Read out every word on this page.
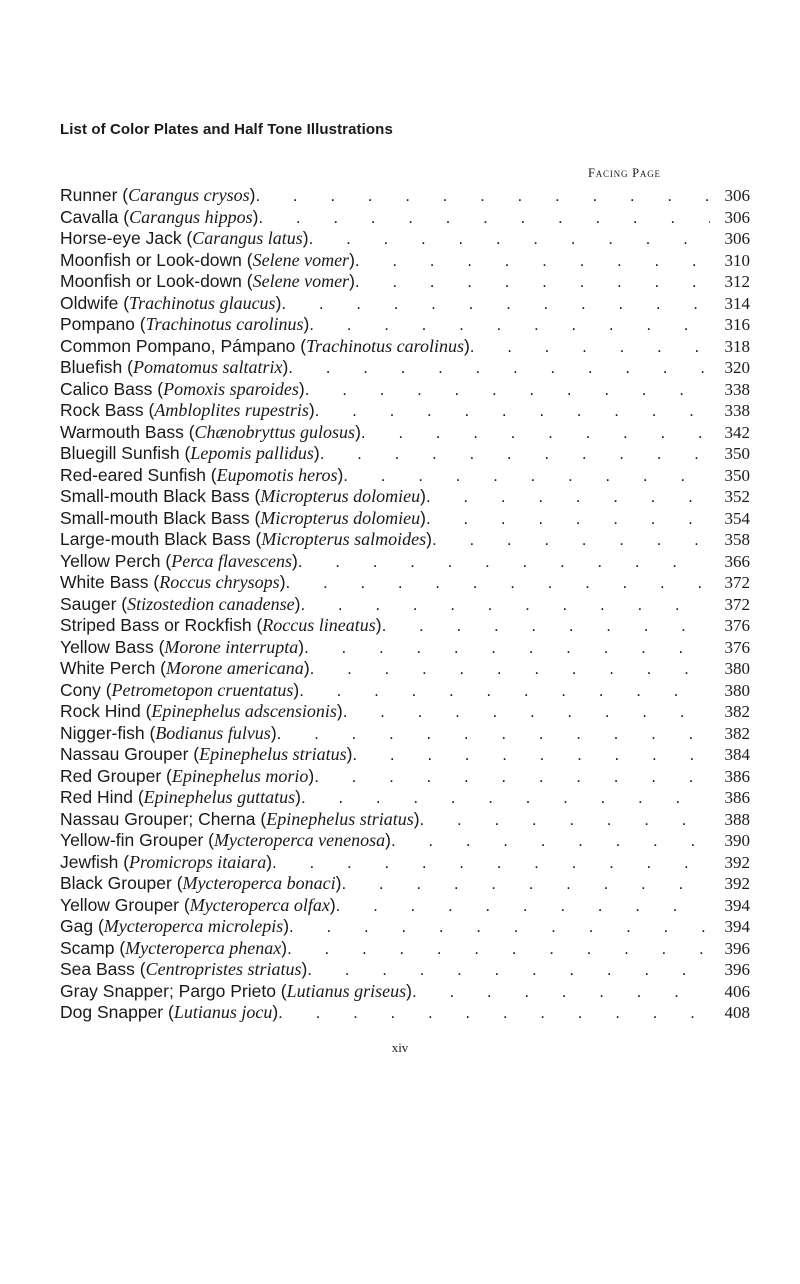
List of Color Plates and Half Tone Illustrations
Facing Page
Runner (Carangus crysos) . . .	306
Cavalla (Carangus hippos) . . .	306
Horse-eye Jack (Carangus latus) . . .	306
Moonfish or Look-down (Selene vomer) . . .	310
Moonfish or Look-down (Selene vomer) . . .	312
Oldwife (Trachinotus glaucus) . . .	314
Pompano (Trachinotus carolinus) . . .	316
Common Pompano, Pámpano (Trachinotus carolinus) . . .	318
Bluefish (Pomatomus saltatrix) . . .	320
Calico Bass (Pomoxis sparoides) . . .	338
Rock Bass (Ambloplites rupestris) . . .	338
Warmouth Bass (Chænobryttus gulosus) . . .	342
Bluegill Sunfish (Lepomis pallidus) . . .	350
Red-eared Sunfish (Eupomotis heros) . . .	350
Small-mouth Black Bass (Micropterus dolomieu) . . .	352
Small-mouth Black Bass (Micropterus dolomieu) . . .	354
Large-mouth Black Bass (Micropterus salmoides) . . .	358
Yellow Perch (Perca flavescens) . . .	366
White Bass (Roccus chrysops) . . .	372
Sauger (Stizostedion canadense) . . .	372
Striped Bass or Rockfish (Roccus lineatus) . . .	376
Yellow Bass (Morone interrupta) . . .	376
White Perch (Morone americana) . . .	380
Cony (Petrometopon cruentatus) . . .	380
Rock Hind (Epinephelus adscensionis) . . .	382
Nigger-fish (Bodianus fulvus) . . .	382
Nassau Grouper (Epinephelus striatus) . . .	384
Red Grouper (Epinephelus morio) . . .	386
Red Hind (Epinephelus guttatus) . . .	386
Nassau Grouper; Cherna (Epinephelus striatus) . . .	388
Yellow-fin Grouper (Mycteroperca venenosa) . . .	390
Jewfish (Promicrops itaiara) . . .	392
Black Grouper (Mycteroperca bonaci) . . .	392
Yellow Grouper (Mycteroperca olfax) . . .	394
Gag (Mycteroperca microlepis) . . .	394
Scamp (Mycteroperca phenax) . . .	396
Sea Bass (Centropristes striatus) . . .	396
Gray Snapper; Pargo Prieto (Lutianus griseus) . . .	406
Dog Snapper (Lutianus jocu) . . .	408
xiv
